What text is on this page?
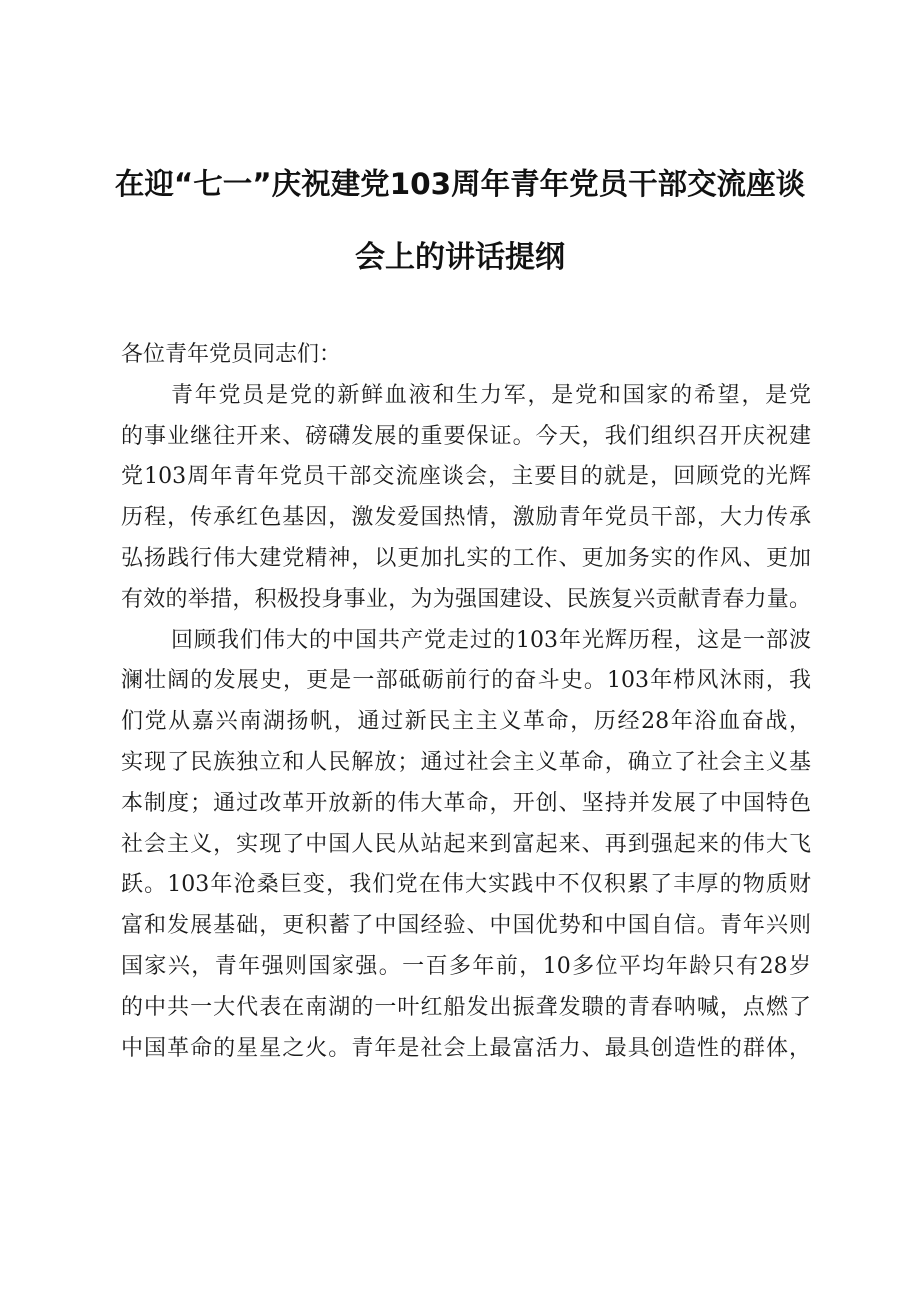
在迎“七一”庆祝建党103周年青年党员干部交流座谈
会上的讲话提纲
各位青年党员同志们：
青年党员是党的新鲜血液和生力军，是党和国家的希望，是党
的事业继往开来、磅礴发展的重要保证。今天，我们组织召开庆祝建
党103周年青年党员干部交流座谈会，主要目的就是，回顾党的光辉
历程，传承红色基因，激发爱国热情，激励青年党员干部，大力传承
弘扬践行伟大建党精神，以更加扎实的工作、更加务实的作风、更加
有效的举措，积极投身事业，为为强国建设、民族复兴贡献青春力量。
回顾我们伟大的中国共产党走过的103年光辉历程，这是一部波
澜壮阔的发展史，更是一部砥砺前行的奋斗史。103年栉风沐雨，我
们党从嘉兴南湖扬帆，通过新民主主义革命，历经28年浴血奋战，
实现了民族独立和人民解放；通过社会主义革命，确立了社会主义基
本制度；通过改革开放新的伟大革命，开创、坚持并发展了中国特色
社会主义，实现了中国人民从站起来到富起来、再到强起来的伟大飞
跃。103年沧桑巨变，我们党在伟大实践中不仅积累了丰厚的物质财
富和发展基础，更积蓄了中国经验、中国优势和中国自信。青年兴则
国家兴，青年强则国家强。一百多年前，10多位平均年龄只有28岁
的中共一大代表在南湖的一叶红船发出振聋发聩的青春呐喊，点燃了
中国革命的星星之火。青年是社会上最富活力、最具创造性的群体，
